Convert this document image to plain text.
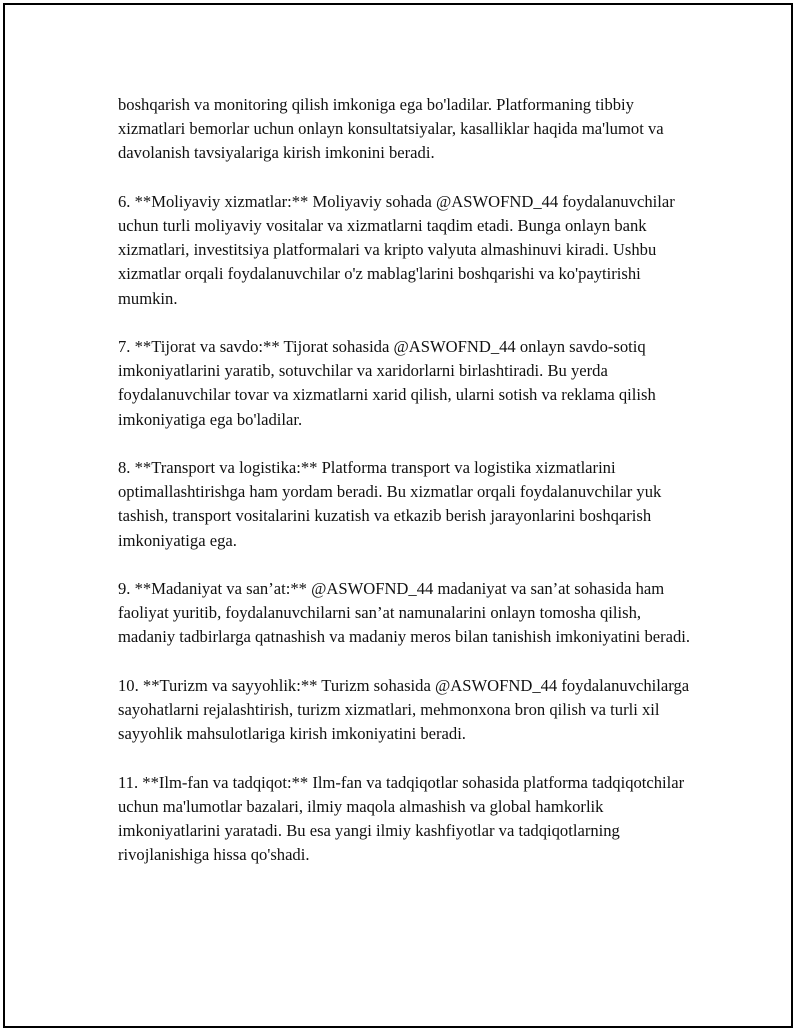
boshqarish va monitoring qilish imkoniga ega bo'ladilar. Platformaning tibbiy xizmatlari bemorlar uchun onlayn konsultatsiyalar, kasalliklar haqida ma'lumot va davolanish tavsiyalariga kirish imkonini beradi.

6. **Moliyaviy xizmatlar:** Moliyaviy sohada @ASWOFND_44 foydalanuvchilar uchun turli moliyaviy vositalar va xizmatlarni taqdim etadi. Bunga onlayn bank xizmatlari, investitsiya platformalari va kripto valyuta almashinuvi kiradi. Ushbu xizmatlar orqali foydalanuvchilar o'z mablag'larini boshqarishi va ko'paytirishi mumkin.

7. **Tijorat va savdo:** Tijorat sohasida @ASWOFND_44 onlayn savdo-sotiq imkoniyatlarini yaratib, sotuvchilar va xaridorlarni birlashtiradi. Bu yerda foydalanuvchilar tovar va xizmatlarni xarid qilish, ularni sotish va reklama qilish imkoniyatiga ega bo'ladilar.

8. **Transport va logistika:** Platforma transport va logistika xizmatlarini optimallashtirishga ham yordam beradi. Bu xizmatlar orqali foydalanuvchilar yuk tashish, transport vositalarini kuzatish va etkazib berish jarayonlarini boshqarish imkoniyatiga ega.

9. **Madaniyat va san’at:** @ASWOFND_44 madaniyat va san’at sohasida ham faoliyat yuritib, foydalanuvchilarni san’at namunalarini onlayn tomosha qilish, madaniy tadbirlarga qatnashish va madaniy meros bilan tanishish imkoniyatini beradi.

10. **Turizm va sayyohlik:** Turizm sohasida @ASWOFND_44 foydalanuvchilarga sayohatlarni rejalashtirish, turizm xizmatlari, mehmonxona bron qilish va turli xil sayyohlik mahsulotlariga kirish imkoniyatini beradi.

11. **Ilm-fan va tadqiqot:** Ilm-fan va tadqiqotlar sohasida platforma tadqiqotchilar uchun ma'lumotlar bazalari, ilmiy maqola almashish va global hamkorlik imkoniyatlarini yaratadi. Bu esa yangi ilmiy kashfiyotlar va tadqiqotlarning rivojlanishiga hissa qo'shadi.
